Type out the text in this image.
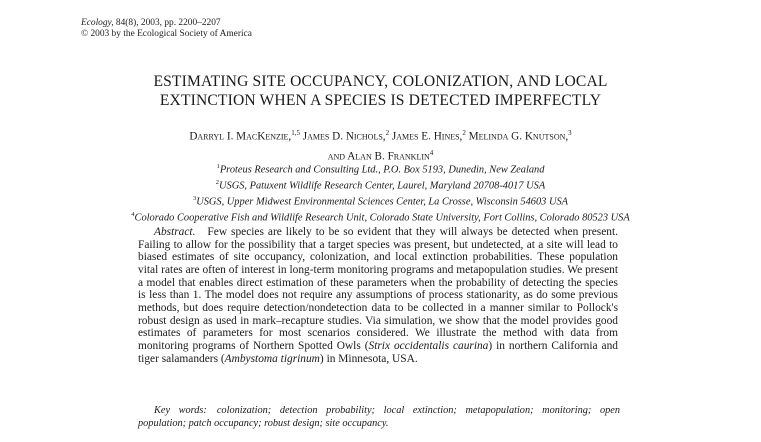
Ecology, 84(8), 2003, pp. 2200–2207
© 2003 by the Ecological Society of America
ESTIMATING SITE OCCUPANCY, COLONIZATION, AND LOCAL
EXTINCTION WHEN A SPECIES IS DETECTED IMPERFECTLY
Darryl I. MacKenzie,$^{1,5}$ James D. Nichols,$^2$ James E. Hines,$^2$ Melinda G. Knutson,$^3$
and Alan B. Franklin$^4$
$^1$Proteus Research and Consulting Ltd., P.O. Box 5193, Dunedin, New Zealand
$^2$USGS, Patuxent Wildlife Research Center, Laurel, Maryland 20708-4017 USA
$^3$USGS, Upper Midwest Environmental Sciences Center, La Crosse, Wisconsin 54603 USA
$^4$Colorado Cooperative Fish and Wildlife Research Unit, Colorado State University, Fort Collins, Colorado 80523 USA
Abstract. Few species are likely to be so evident that they will always be detected when present. Failing to allow for the possibility that a target species was present, but undetected, at a site will lead to biased estimates of site occupancy, colonization, and local extinction probabilities. These population vital rates are often of interest in long-term monitoring programs and metapopulation studies. We present a model that enables direct estimation of these parameters when the probability of detecting the species is less than 1. The model does not require any assumptions of process stationarity, as do some previous methods, but does require detection/nondetection data to be collected in a manner similar to Pollock's robust design as used in mark–recapture studies. Via simulation, we show that the model provides good estimates of parameters for most scenarios considered. We illustrate the method with data from monitoring programs of Northern Spotted Owls (Strix occidentalis caurina) in northern California and tiger salamanders (Ambystoma tigrinum) in Minnesota, USA.
Key words: colonization; detection probability; local extinction; metapopulation; monitoring; open population; patch occupancy; robust design; site occupancy.
